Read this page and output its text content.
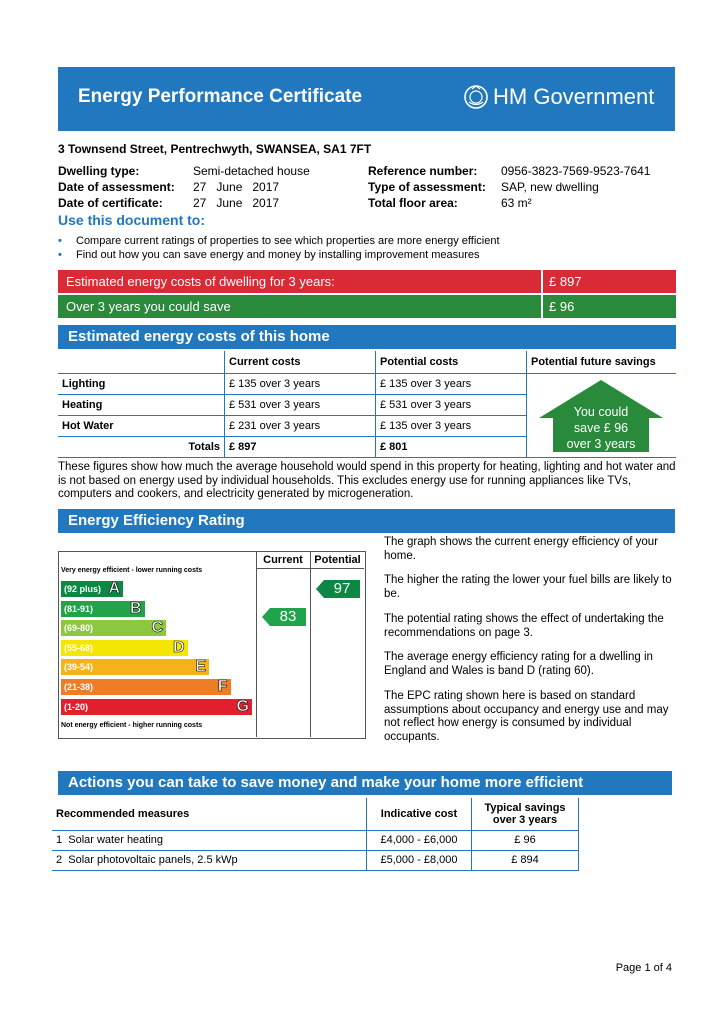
Energy Performance Certificate	HM Government
3 Townsend Street, Pentrechwyth, SWANSEA, SA1 7FT
Dwelling type:	Semi-detached house
Date of assessment: 27   June   2017
Date of certificate:	27   June   2017
Reference number: 0956-3823-7569-9523-7641
Type of assessment: SAP, new dwelling
Total floor area:	63 m²
Use this document to:
• Compare current ratings of properties to see which properties are more energy efficient
• Find out how you can save energy and money by installing improvement measures
Estimated energy costs of dwelling for 3 years:	£ 897
Over 3 years you could save	£ 96
Estimated energy costs of this home
	Current costs	Potential costs	Potential future savings
Lighting	£ 135 over 3 years	£ 135 over 3 years	You could
save £ 96
over 3 years

Heating	£ 531 over 3 years	£ 531 over 3 years	
Hot Water	£ 231 over 3 years	£ 135 over 3 years	
Totals	£ 897	£ 801	
These figures show how much the average household would spend in this property for heating, lighting and hot water and is not based on energy used by individual households. This excludes energy use for running appliances like TVs, computers and cookers, and electricity generated by microgeneration.
Energy Efficiency Rating
Current	Potential
Very energy efficient - lower running costs
Not energy efficient - higher running costs
(92 plus) A
(81-91) B
(69-80)	C
(55-68)	D
(39-54)	E
(21-38)	F
(1-20)	G
83
97
The graph shows the current energy efficiency of your home.
The higher the rating the lower your fuel bills are likely to be.
The potential rating shows the effect of undertaking the recommendations on page 3.
The average energy efficiency rating for a dwelling in England and Wales is band D (rating 60).
The EPC rating shown here is based on standard assumptions about occupancy and energy use and may not reflect how energy is consumed by individual occupants.
Actions you can take to save money and make your home more efficient
Recommended measures	Indicative cost	Typical savings over 3 years
1 Solar water heating	£4,000 - £6,000	£ 96
2 Solar photovoltaic panels, 2.5 kWp	£5,000 - £8,000	£ 894
Page 1 of 4
